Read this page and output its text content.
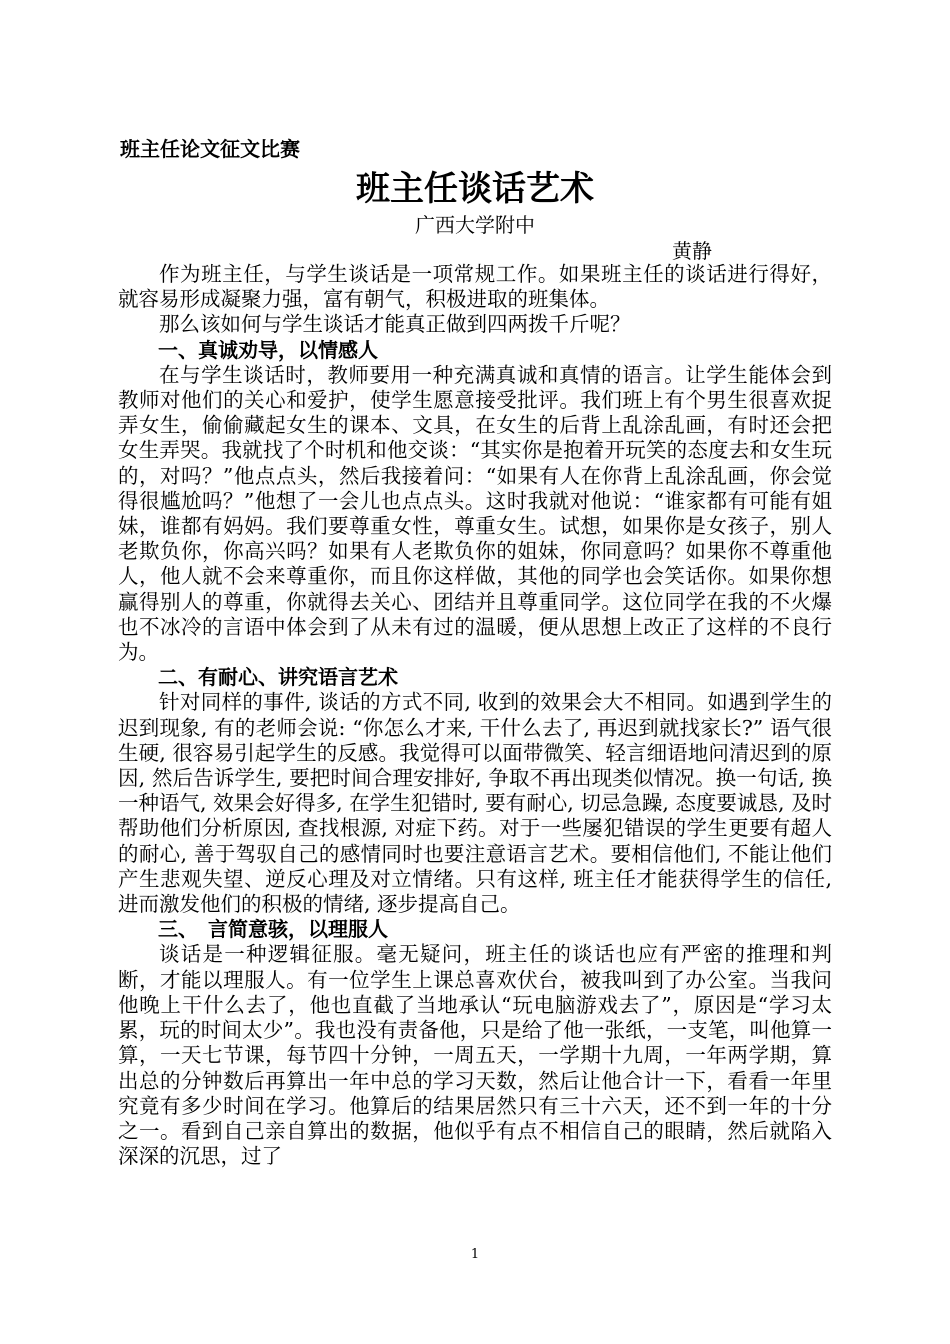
班主任论文征文比赛

班主任谈话艺术

广西大学附中

黄静

作为班主任，与学生谈话是一项常规工作。如果班主任的谈话进行得好，就容易形成凝聚力强，富有朝气，积极进取的班集体。

那么该如何与学生谈话才能真正做到四两拨千斤呢？

一、真诚劝导，以情感人

在与学生谈话时，教师要用一种充满真诚和真情的语言。让学生能体会到教师对他们的关心和爱护，使学生愿意接受批评。我们班上有个男生很喜欢捉弄女生，偷偷藏起女生的课本、文具，在女生的后背上乱涂乱画，有时还会把女生弄哭。我就找了个时机和他交谈：“其实你是抱着开玩笑的态度去和女生玩的，对吗？”他点点头，然后我接着问：“如果有人在你背上乱涂乱画，你会觉得很尴尬吗？”他想了一会儿也点点头。这时我就对他说：“谁家都有可能有姐妹，谁都有妈妈。我们要尊重女性，尊重女生。试想，如果你是女孩子，别人老欺负你，你高兴吗？如果有人老欺负你的姐妹，你同意吗？如果你不尊重他人，他人就不会来尊重你，而且你这样做，其他的同学也会笑话你。如果你想赢得别人的尊重，你就得去关心、团结并且尊重同学。这位同学在我的不火爆也不冰冷的言语中体会到了从未有过的温暖，便从思想上改正了这样的不良行为。

二、有耐心、讲究语言艺术

针对同样的事件, 谈话的方式不同, 收到的效果会大不相同。如遇到学生的迟到现象, 有的老师会说: “你怎么才来, 干什么去了, 再迟到就找家长?” 语气很生硬, 很容易引起学生的反感。我觉得可以面带微笑、轻言细语地问清迟到的原因, 然后告诉学生, 要把时间合理安排好, 争取不再出现类似情况。换一句话, 换一种语气, 效果会好得多, 在学生犯错时, 要有耐心, 切忌急躁, 态度要诚恳, 及时帮助他们分析原因, 查找根源, 对症下药。对于一些屡犯错误的学生更要有超人的耐心, 善于驾驭自己的感情同时也要注意语言艺术。要相信他们, 不能让他们产生悲观失望、逆反心理及对立情绪。只有这样, 班主任才能获得学生的信任, 进而激发他们的积极的情绪, 逐步提高自己。

三、　言简意骇，以理服人

谈话是一种逻辑征服。毫无疑问，班主任的谈话也应有严密的推理和判断，才能以理服人。有一位学生上课总喜欢伏台，被我叫到了办公室。当我问他晚上干什么去了，他也直截了当地承认“玩电脑游戏去了”，原因是“学习太累，玩的时间太少”。我也没有责备他，只是给了他一张纸，一支笔，叫他算一算，一天七节课，每节四十分钟，一周五天，一学期十九周，一年两学期，算出总的分钟数后再算出一年中总的学习天数，然后让他合计一下，看看一年里究竟有多少时间在学习。他算后的结果居然只有三十六天，还不到一年的十分之一。看到自己亲自算出的数据，他似乎有点不相信自己的眼睛，然后就陷入深深的沉思，过了

1
